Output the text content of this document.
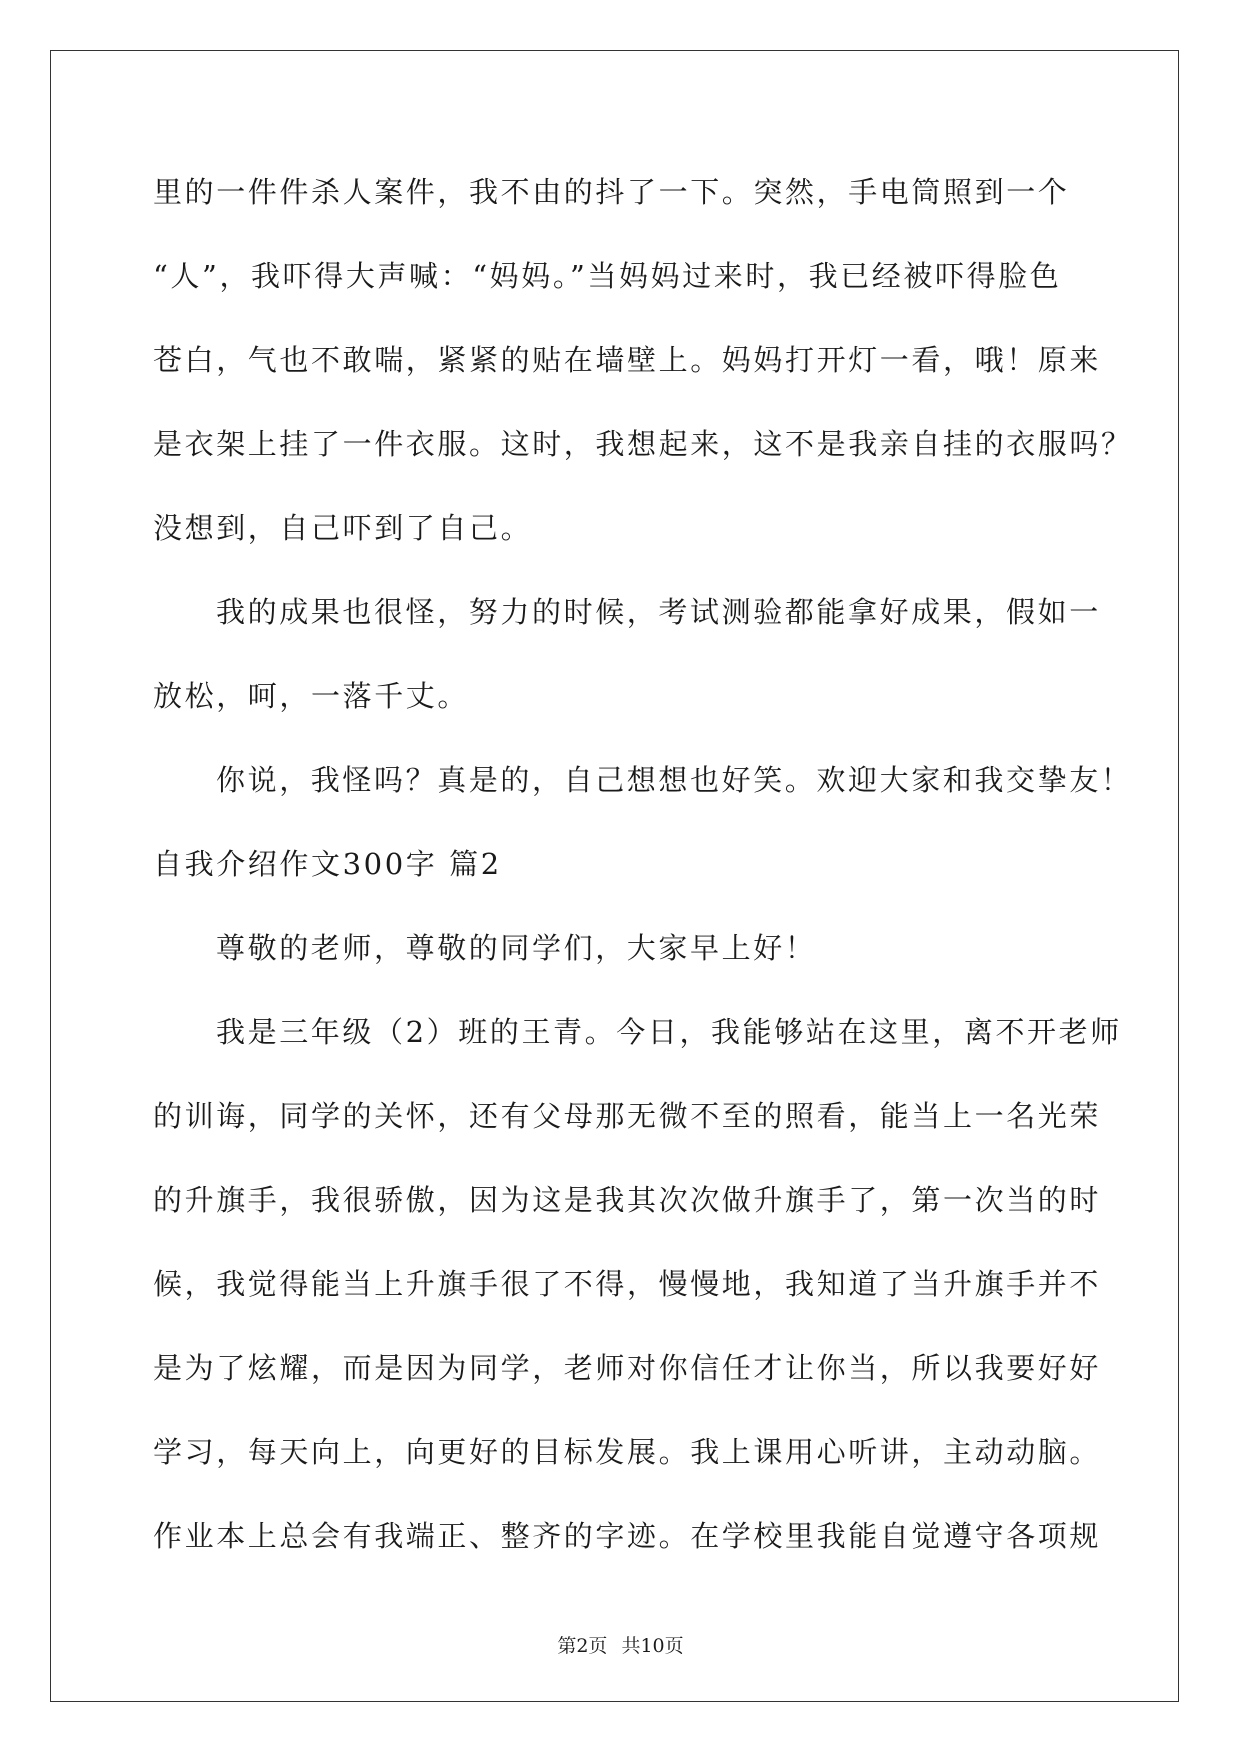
里的一件件杀人案件，我不由的抖了一下。突然，手电筒照到一个
“人”，我吓得大声喊：“妈妈。”当妈妈过来时，我已经被吓得脸色
苍白，气也不敢喘，紧紧的贴在墙壁上。妈妈打开灯一看，哦！原来
是衣架上挂了一件衣服。这时，我想起来，这不是我亲自挂的衣服吗？
没想到，自己吓到了自己。
我的成果也很怪，努力的时候，考试测验都能拿好成果，假如一
放松，呵，一落千丈。
你说，我怪吗？真是的，自己想想也好笑。欢迎大家和我交挚友！
自我介绍作文300字 篇2
尊敬的老师，尊敬的同学们，大家早上好！
我是三年级（2）班的王青。今日，我能够站在这里，离不开老师
的训诲，同学的关怀，还有父母那无微不至的照看，能当上一名光荣
的升旗手，我很骄傲，因为这是我其次次做升旗手了，第一次当的时
候，我觉得能当上升旗手很了不得，慢慢地，我知道了当升旗手并不
是为了炫耀，而是因为同学，老师对你信任才让你当，所以我要好好
学习，每天向上，向更好的目标发展。我上课用心听讲，主动动脑。
作业本上总会有我端正、整齐的字迹。在学校里我能自觉遵守各项规
第2页 共10页
